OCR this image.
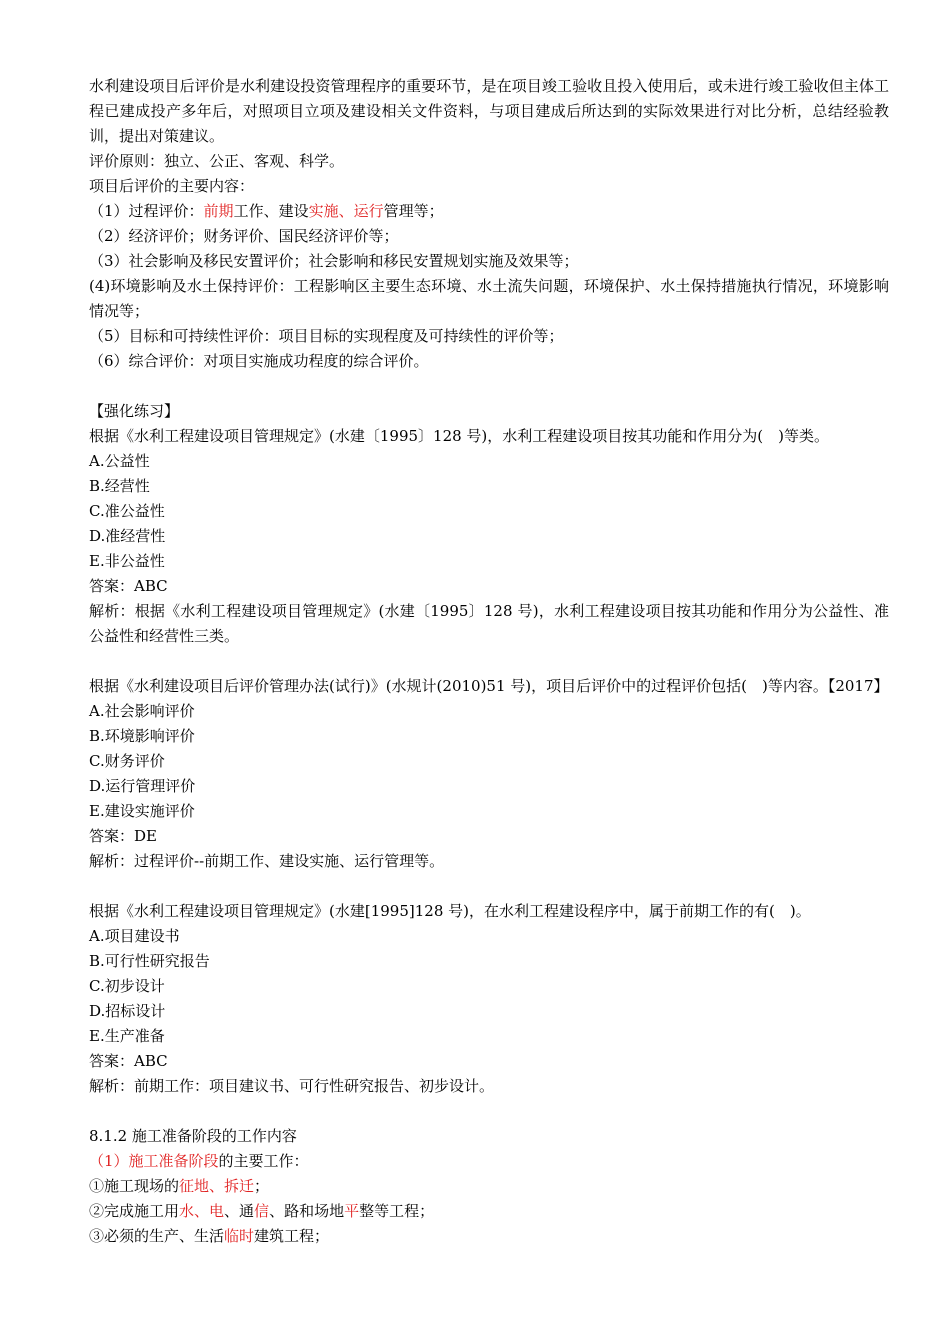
水利建设项目后评价是水利建设投资管理程序的重要环节，是在项目竣工验收且投入使用后，或未进行竣工验收但主体工程已建成投产多年后，对照项目立项及建设相关文件资料，与项目建成后所达到的实际效果进行对比分析，总结经验教训，提出对策建议。
评价原则：独立、公正、客观、科学。
项目后评价的主要内容：
（1）过程评价：前期工作、建设实施、运行管理等；
（2）经济评价；财务评价、国民经济评价等；
（3）社会影响及移民安置评价；社会影响和移民安置规划实施及效果等；
(4)环境影响及水土保持评价：工程影响区主要生态环境、水土流失问题，环境保护、水土保持措施执行情况，环境影响情况等；
（5）目标和可持续性评价：项目目标的实现程度及可持续性的评价等；
（6）综合评价：对项目实施成功程度的综合评价。
【强化练习】
根据《水利工程建设项目管理规定》(水建〔1995〕128 号)，水利工程建设项目按其功能和作用分为(　)等类。
A.公益性
B.经营性
C.准公益性
D.准经营性
E.非公益性
答案：ABC
解析：根据《水利工程建设项目管理规定》(水建〔1995〕128 号)，水利工程建设项目按其功能和作用分为公益性、准公益性和经营性三类。
根据《水利建设项目后评价管理办法(试行)》(水规计(2010)51 号)，项目后评价中的过程评价包括(　)等内容。【2017】
A.社会影响评价
B.环境影响评价
C.财务评价
D.运行管理评价
E.建设实施评价
答案：DE
解析：过程评价--前期工作、建设实施、运行管理等。
根据《水利工程建设项目管理规定》(水建[1995]128 号)，在水利工程建设程序中，属于前期工作的有(　)。
A.项目建设书
B.可行性研究报告
C.初步设计
D.招标设计
E.生产准备
答案：ABC
解析：前期工作：项目建议书、可行性研究报告、初步设计。
8.1.2 施工准备阶段的工作内容
（1）施工准备阶段的主要工作：
①施工现场的征地、拆迁；
②完成施工用水、电、通信、路和场地平整等工程；
③必须的生产、生活临时建筑工程；
